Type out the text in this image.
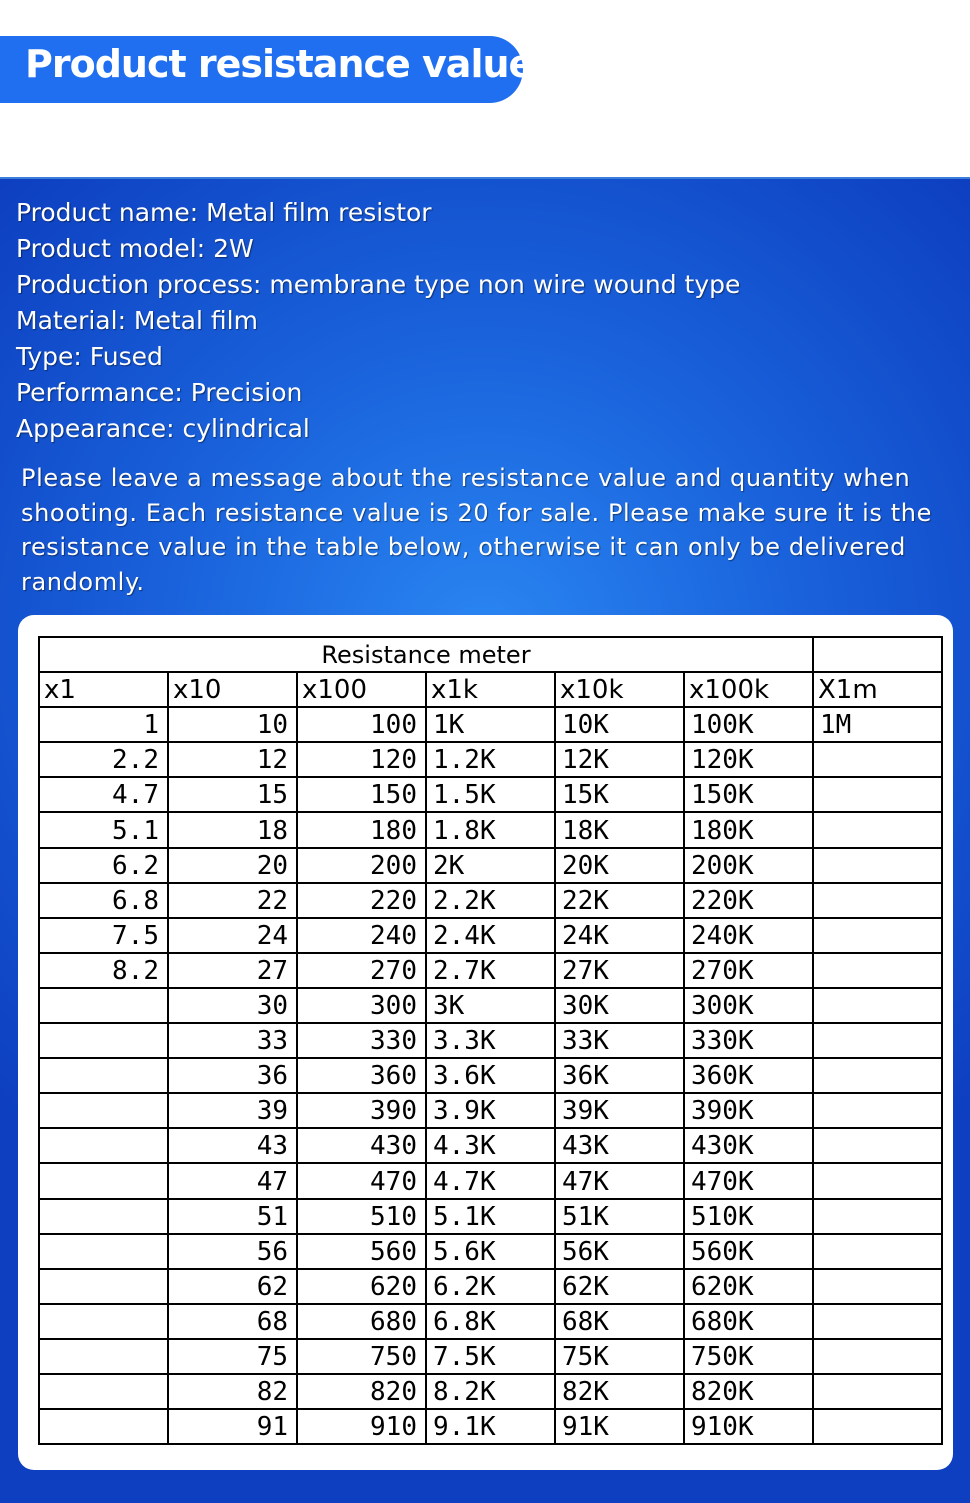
Product resistance value
Product name: Metal film resistor
Product model: 2W
Production process: membrane type non wire wound type
Material: Metal film
Type: Fused
Performance: Precision
Appearance: cylindrical
Please leave a message about the resistance value and quantity when shooting. Each resistance value is 20 for sale. Please make sure it is the resistance value in the table below, otherwise it can only be delivered randomly.
Resistance meter						
x1	x10	x100	x1k	x10k	x100k	X1m
1	10	100	1K	10K	100K	1M
2.2	12	120	1.2K	12K	120K	
4.7	15	150	1.5K	15K	150K	
5.1	18	180	1.8K	18K	180K	
6.2	20	200	2K	20K	200K	
6.8	22	220	2.2K	22K	220K	
7.5	24	240	2.4K	24K	240K	
8.2	27	270	2.7K	27K	270K	
	30	300	3K	30K	300K	
	33	330	3.3K	33K	330K	
	36	360	3.6K	36K	360K	
	39	390	3.9K	39K	390K	
	43	430	4.3K	43K	430K	
	47	470	4.7K	47K	470K	
	51	510	5.1K	51K	510K	
	56	560	5.6K	56K	560K	
	62	620	6.2K	62K	620K	
	68	680	6.8K	68K	680K	
	75	750	7.5K	75K	750K	
	82	820	8.2K	82K	820K	
	91	910	9.1K	91K	910K	
